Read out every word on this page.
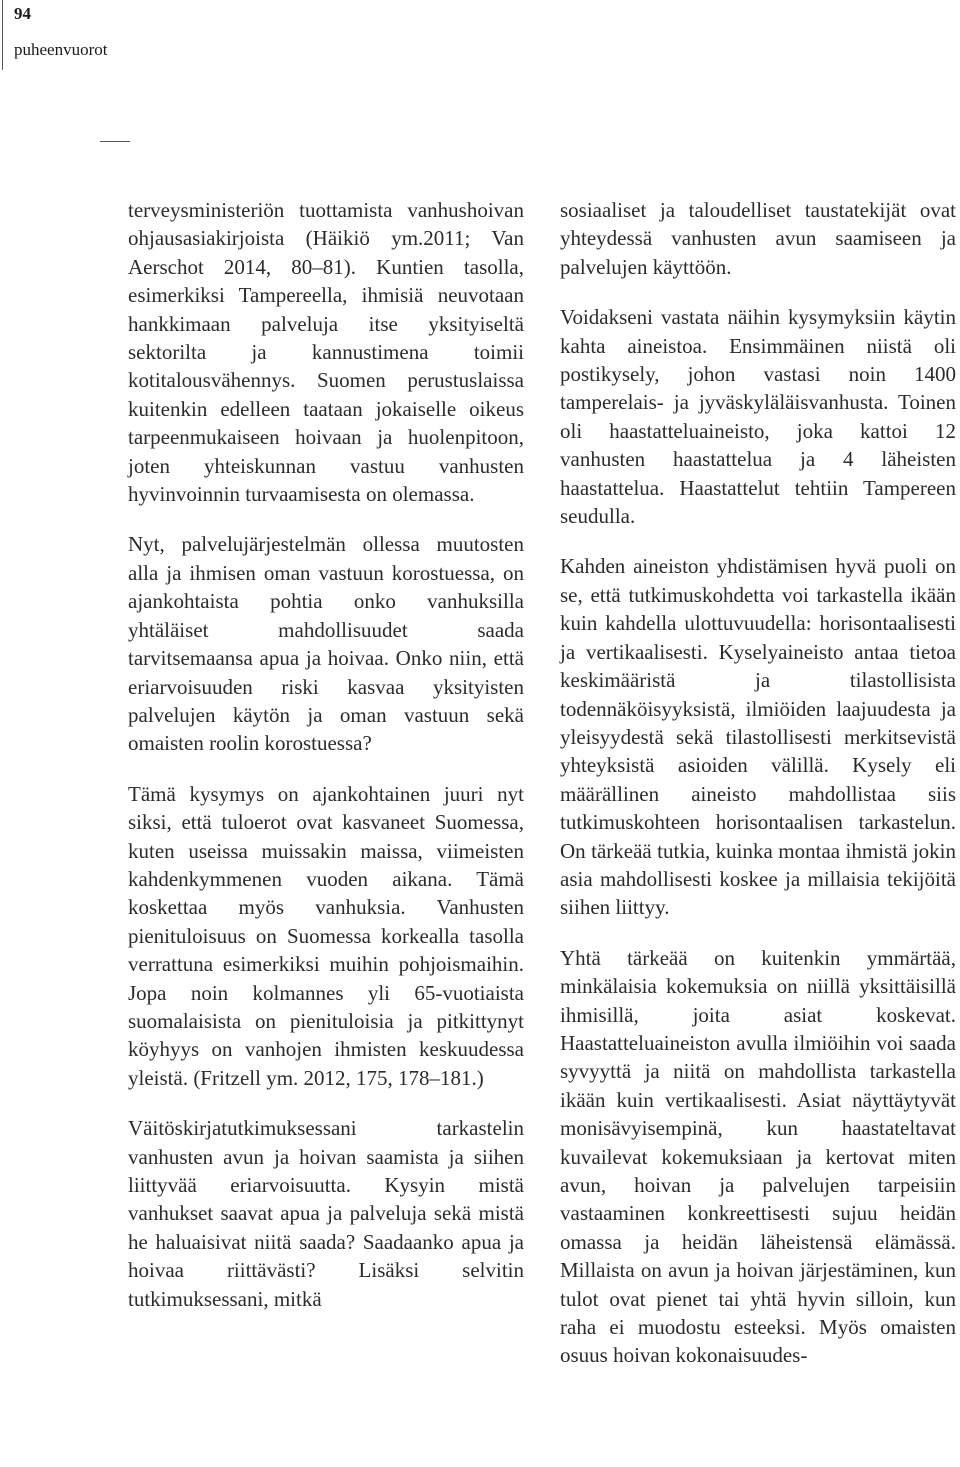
94
puheenvuorot

terveysministeriön tuottamista vanhushoivan ohjausasiakirjoista (Häikiö ym.2011; Van Aerschot 2014, 80–81). Kuntien tasolla, esimerkiksi Tampereella, ihmisiä neuvotaan hankkimaan palveluja itse yksityiseltä sektorilta ja kannustimena toimii kotitalousvähennys. Suomen perustuslaissa kuitenkin edelleen taataan jokaiselle oikeus tarpeenmukaiseen hoivaan ja huolenpitoon, joten yhteiskunnan vastuu vanhusten hyvinvoinnin turvaamisesta on olemassa.

Nyt, palvelujärjestelmän ollessa muutosten alla ja ihmisen oman vastuun korostuessa, on ajankohtaista pohtia onko vanhuksilla yhtäläiset mahdollisuudet saada tarvitsemaansa apua ja hoivaa. Onko niin, että eriarvoisuuden riski kasvaa yksityisten palvelujen käytön ja oman vastuun sekä omaisten roolin korostuessa?

Tämä kysymys on ajankohtainen juuri nyt siksi, että tuloerot ovat kasvaneet Suomessa, kuten useissa muissakin maissa, viimeisten kahdenkymmenen vuoden aikana. Tämä koskettaa myös vanhuksia. Vanhusten pienituloisuus on Suomessa korkealla tasolla verrattuna esimerkiksi muihin pohjoismaihin. Jopa noin kolmannes yli 65-vuotiaista suomalaisista on pienituloisia ja pitkittynyt köyhyys on vanhojen ihmisten keskuudessa yleistä. (Fritzell ym. 2012, 175, 178–181.)

Väitöskirjatutkimuksessani tarkastelin vanhusten avun ja hoivan saamista ja siihen liittyvää eriarvoisuutta. Kysyin mistä vanhukset saavat apua ja palveluja sekä mistä he haluaisivat niitä saada? Saadaanko apua ja hoivaa riittävästi? Lisäksi selvitin tutkimuksessani, mitkä

sosiaaliset ja taloudelliset taustatekijät ovat yhteydessä vanhusten avun saamiseen ja palvelujen käyttöön.

Voidakseni vastata näihin kysymyksiin käytin kahta aineistoa. Ensimmäinen niistä oli postikysely, johon vastasi noin 1400 tamperelais- ja jyväskyläläisvanhusta. Toinen oli haastatteluaineisto, joka kattoi 12 vanhusten haastattelua ja 4 läheisten haastattelua. Haastattelut tehtiin Tampereen seudulla.

Kahden aineiston yhdistämisen hyvä puoli on se, että tutkimuskohdetta voi tarkastella ikään kuin kahdella ulottuvuudella: horisontaalisesti ja vertikaalisesti. Kyselyaineisto antaa tietoa keskimääristä ja tilastollisista todennäköisyyksistä, ilmiöiden laajuudesta ja yleisyydestä sekä tilastollisesti merkitsevistä yhteyksistä asioiden välillä. Kysely eli määrällinen aineisto mahdollistaa siis tutkimuskohteen horisontaalisen tarkastelun. On tärkeää tutkia, kuinka montaa ihmistä jokin asia mahdollisesti koskee ja millaisia tekijöitä siihen liittyy.

Yhtä tärkeää on kuitenkin ymmärtää, minkälaisia kokemuksia on niillä yksittäisillä ihmisillä, joita asiat koskevat. Haastatteluaineiston avulla ilmiöihin voi saada syvyyttä ja niitä on mahdollista tarkastella ikään kuin vertikaalisesti. Asiat näyttäytyvät monisävyisempinä, kun haastateltavat kuvailevat kokemuksiaan ja kertovat miten avun, hoivan ja palvelujen tarpeisiin vastaaminen konkreettisesti sujuu heidän omassa ja heidän läheistensä elämässä. Millaista on avun ja hoivan järjestäminen, kun tulot ovat pienet tai yhtä hyvin silloin, kun raha ei muodostu esteeksi. Myös omaisten osuus hoivan kokonaisuudes-
